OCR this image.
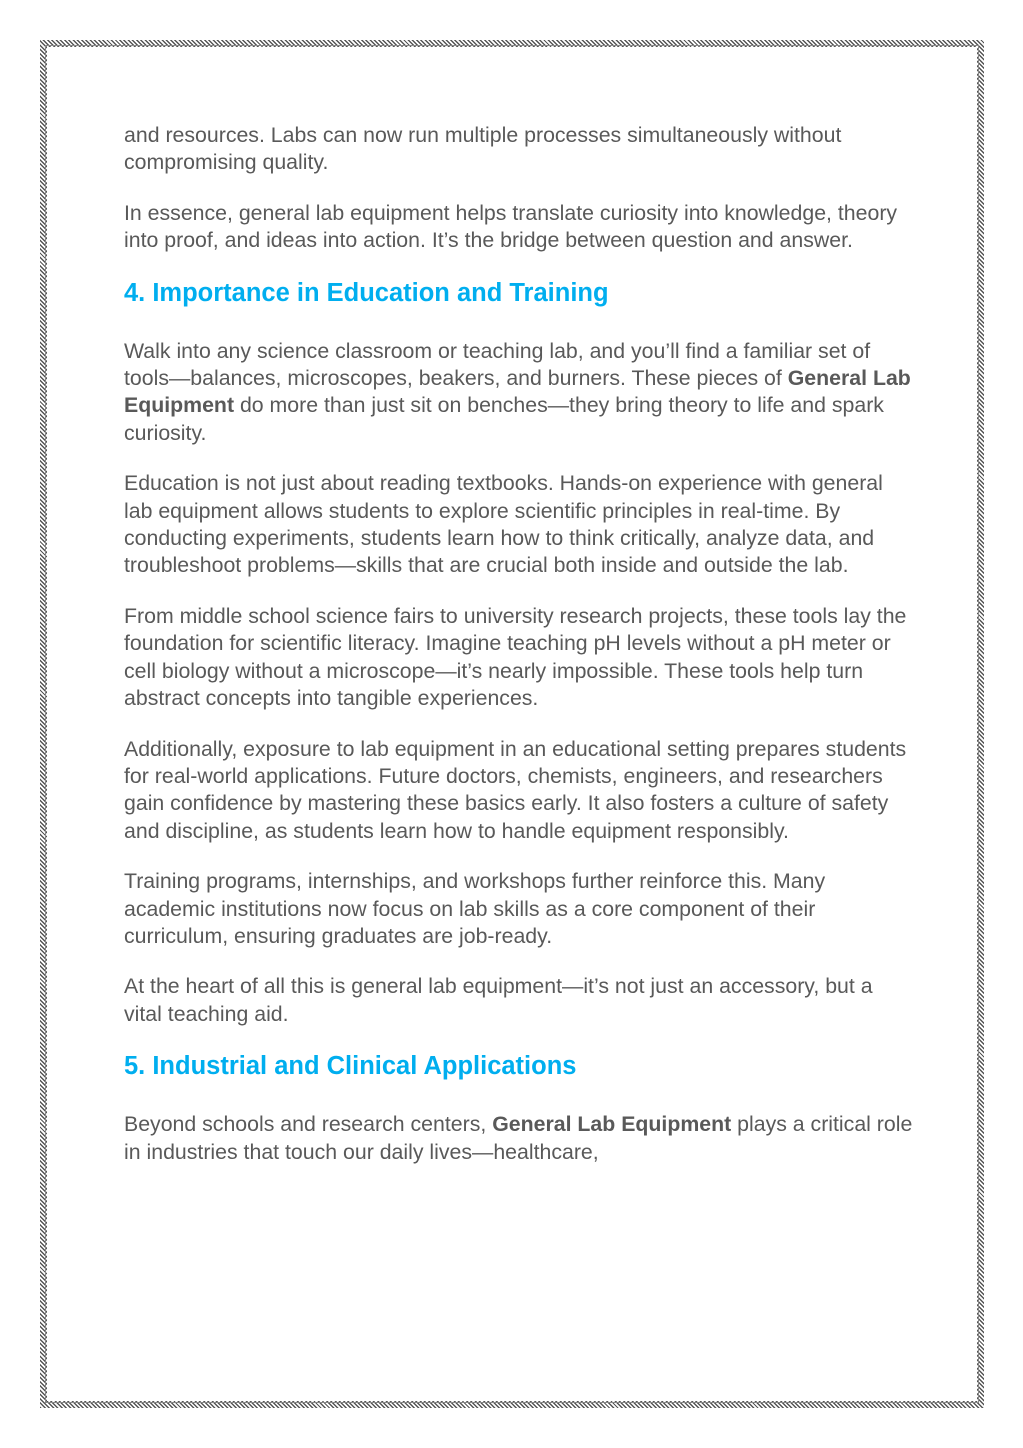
and resources. Labs can now run multiple processes simultaneously without compromising quality.

In essence, general lab equipment helps translate curiosity into knowledge, theory into proof, and ideas into action. It’s the bridge between question and answer.

4. Importance in Education and Training

Walk into any science classroom or teaching lab, and you’ll find a familiar set of tools—balances, microscopes, beakers, and burners. These pieces of General Lab Equipment do more than just sit on benches—they bring theory to life and spark curiosity.

Education is not just about reading textbooks. Hands-on experience with general lab equipment allows students to explore scientific principles in real-time. By conducting experiments, students learn how to think critically, analyze data, and troubleshoot problems—skills that are crucial both inside and outside the lab.

From middle school science fairs to university research projects, these tools lay the foundation for scientific literacy. Imagine teaching pH levels without a pH meter or cell biology without a microscope—it’s nearly impossible. These tools help turn abstract concepts into tangible experiences.

Additionally, exposure to lab equipment in an educational setting prepares students for real-world applications. Future doctors, chemists, engineers, and researchers gain confidence by mastering these basics early. It also fosters a culture of safety and discipline, as students learn how to handle equipment responsibly.

Training programs, internships, and workshops further reinforce this. Many academic institutions now focus on lab skills as a core component of their curriculum, ensuring graduates are job-ready.

At the heart of all this is general lab equipment—it’s not just an accessory, but a vital teaching aid.

5. Industrial and Clinical Applications

Beyond schools and research centers, General Lab Equipment plays a critical role in industries that touch our daily lives—healthcare,
